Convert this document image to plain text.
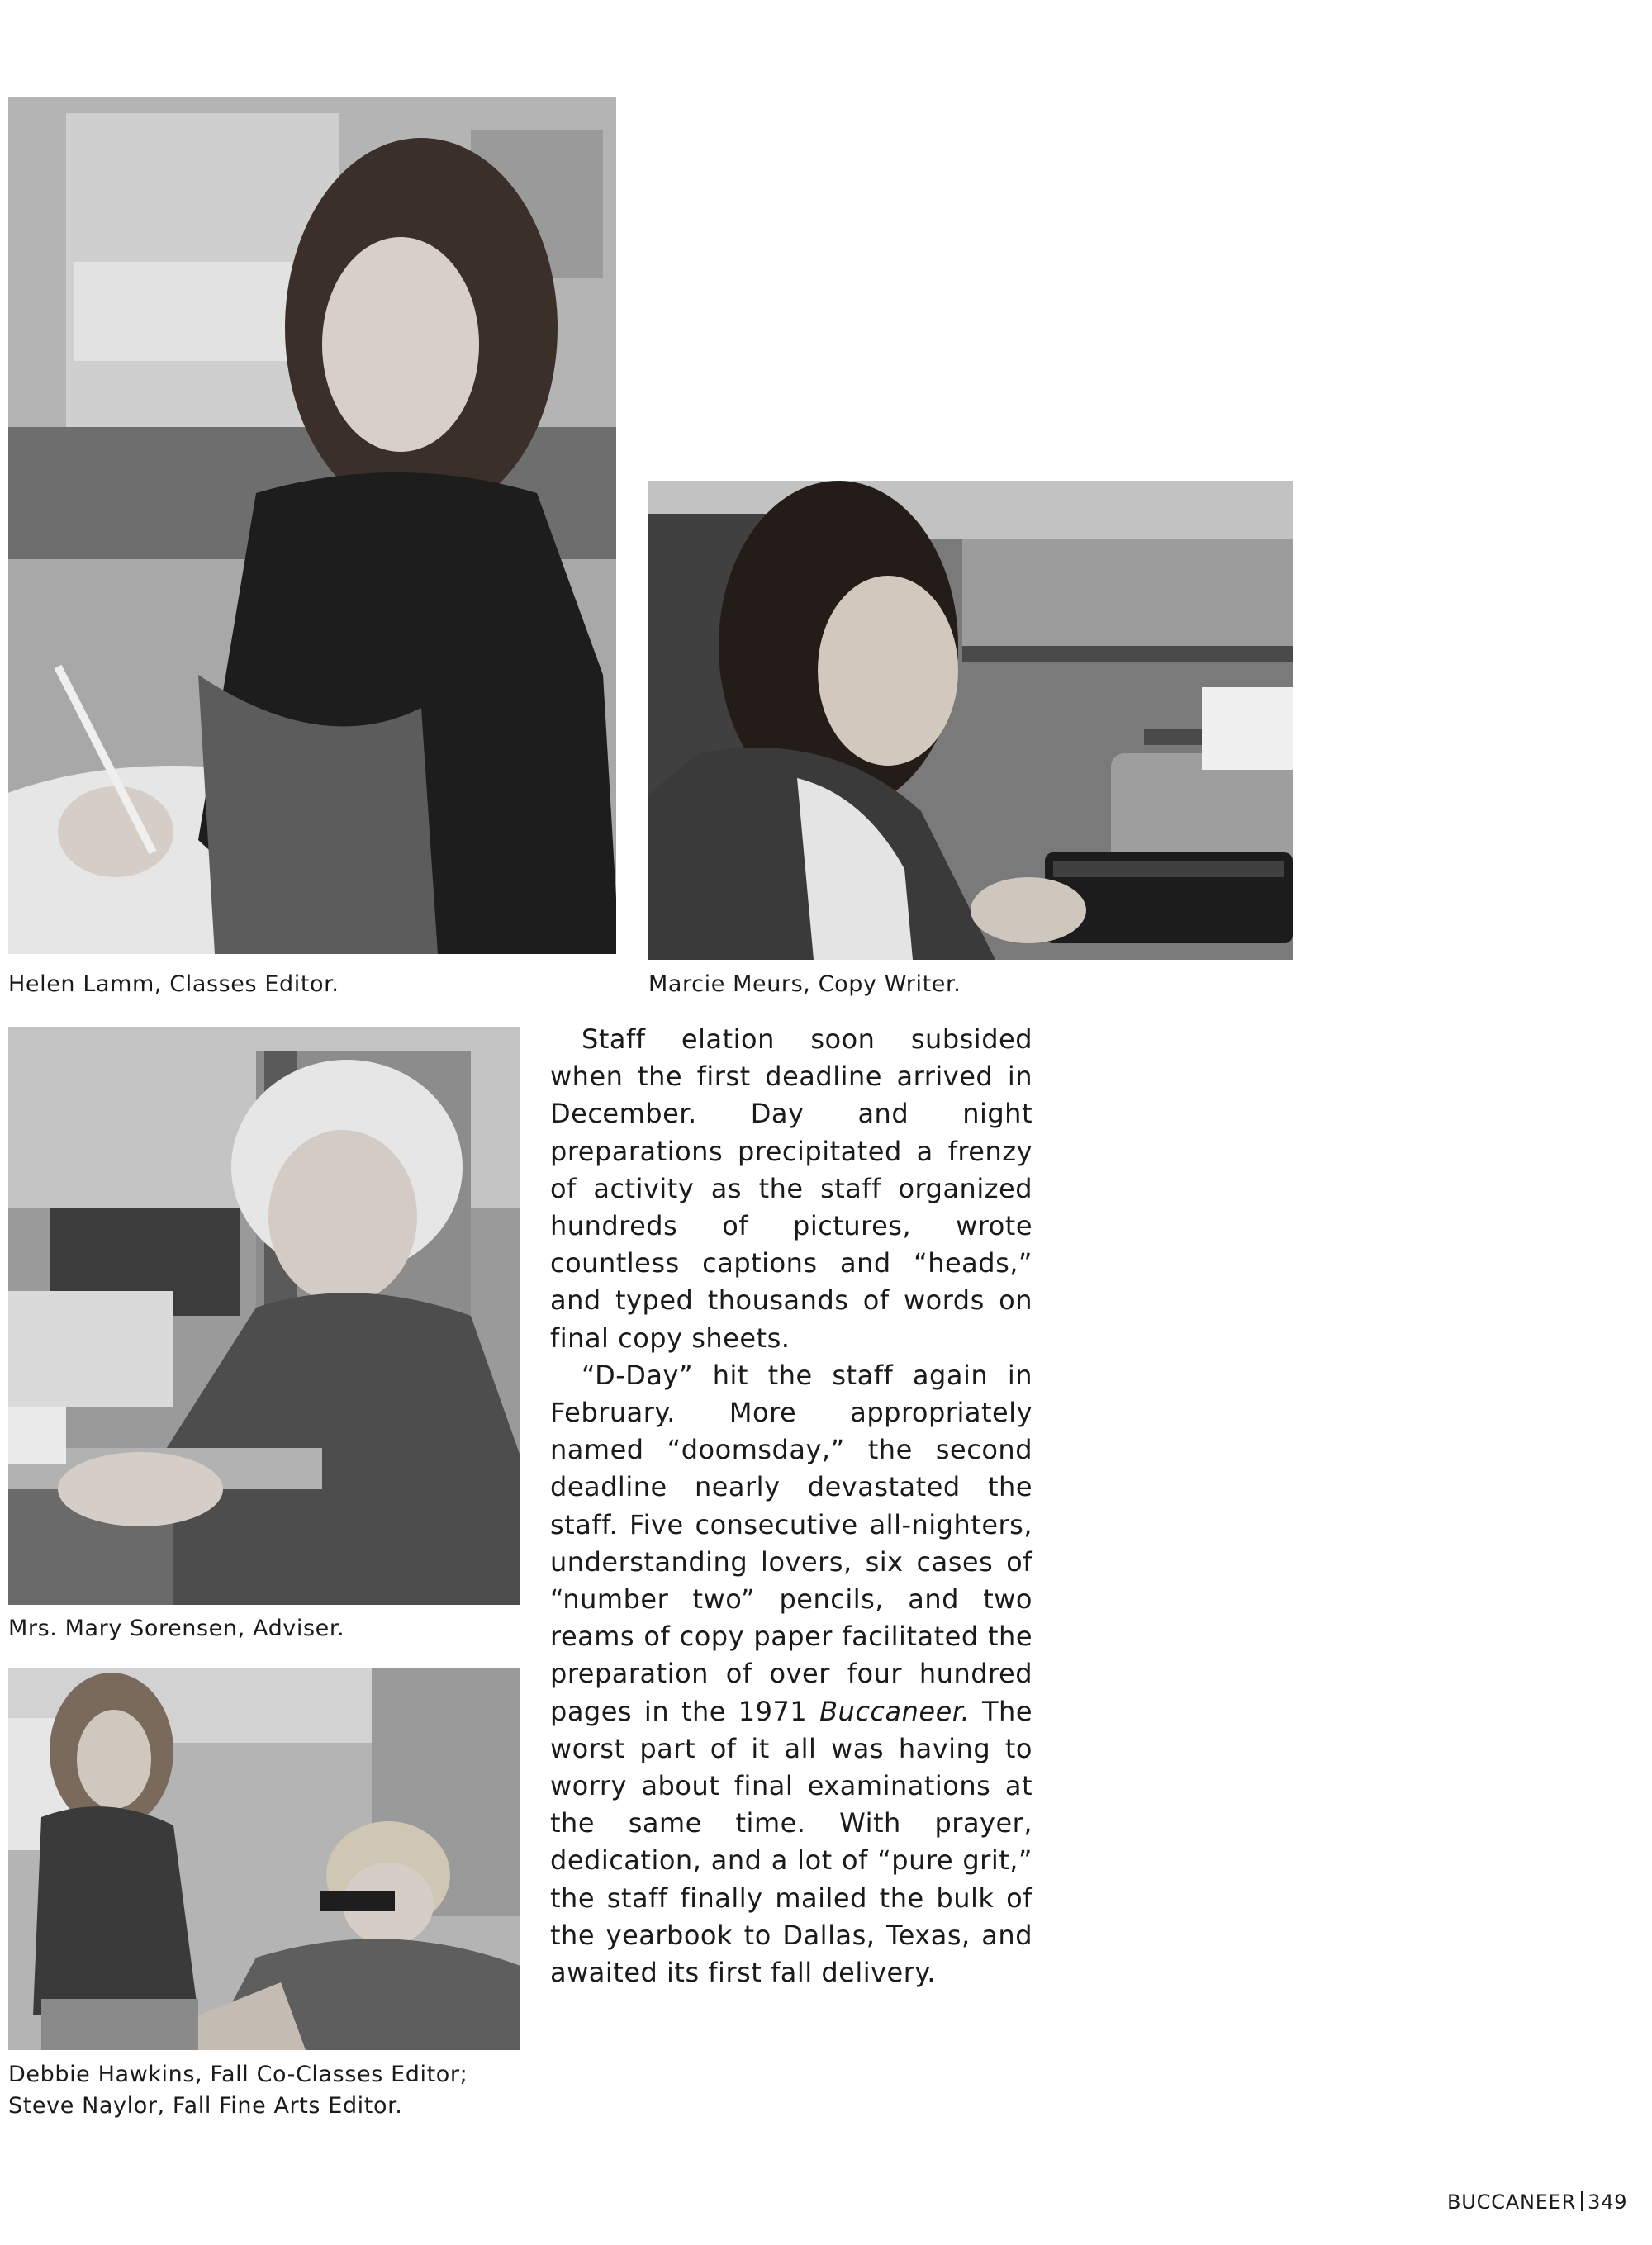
Helen Lamm, Classes Editor.	Marcie Meurs, Copy Writer.
Mrs. Mary Sorensen, Adviser.
Debbie Hawkins, Fall Co-Classes Editor; Steve Naylor, Fall Fine Arts Editor.

Staff elation soon subsided when the first deadline arrived in December. Day and night preparations precipitated a frenzy of activity as the staff organized hundreds of pictures, wrote countless captions and “heads,” and typed thousands of words on final copy sheets.

“D-Day” hit the staff again in February. More appropriately named “doomsday,” the second deadline nearly devastated the staff. Five consecutive all-nighters, understanding lovers, six cases of “number two” pencils, and two reams of copy paper facilitated the preparation of over four hundred pages in the 1971 Buccaneer. The worst part of it all was having to worry about final examinations at the same time. With prayer, dedication, and a lot of “pure grit,” the staff finally mailed the bulk of the yearbook to Dallas, Texas, and awaited its first fall delivery.

BUCCANEER 349
